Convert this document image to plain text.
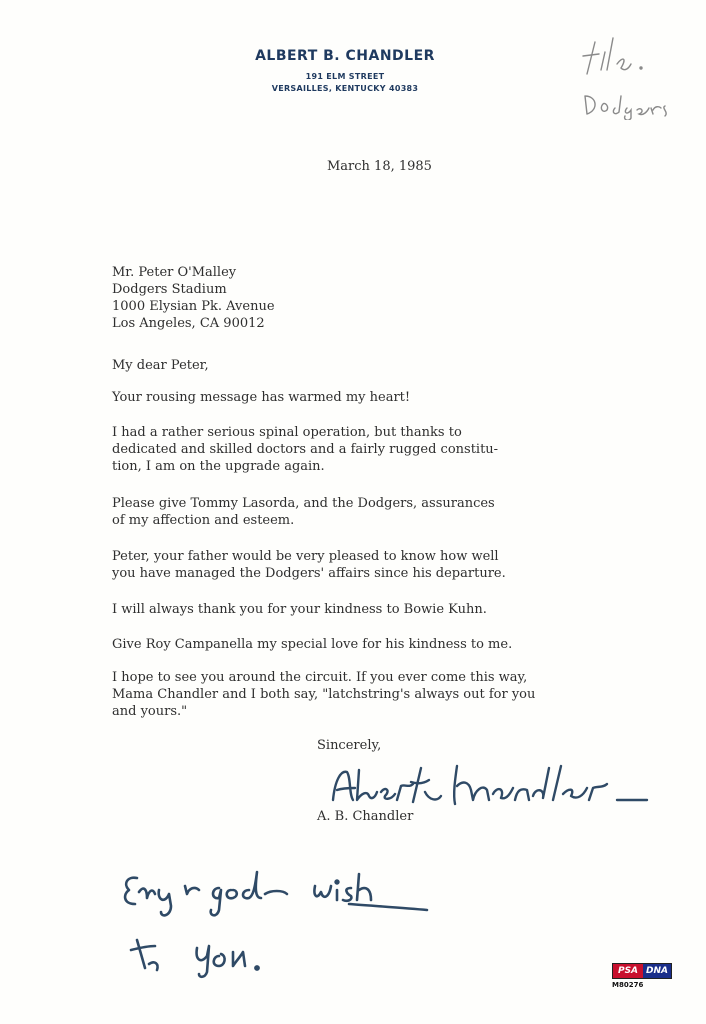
ALBERT B. CHANDLER
191 ELM STREET
VERSAILLES, KENTUCKY 40383
March 18, 1985
Mr. Peter O'Malley
Dodgers Stadium
1000 Elysian Pk. Avenue
Los Angeles, CA 90012
My dear Peter,
Your rousing message has warmed my heart!
I had a rather serious spinal operation, but thanks to
dedicated and skilled doctors and a fairly rugged constitu-
tion, I am on the upgrade again.
Please give Tommy Lasorda, and the Dodgers, assurances
of my affection and esteem.
Peter, your father would be very pleased to know how well
you have managed the Dodgers' affairs since his departure.
I will always thank you for your kindness to Bowie Kuhn.
Give Roy Campanella my special love for his kindness to me.
I hope to see you around the circuit. If you ever come this way,
Mama Chandler and I both say, "latchstring's always out for you
and yours."
Sincerely,
A. B. Chandler
PSA DNA
M80276
